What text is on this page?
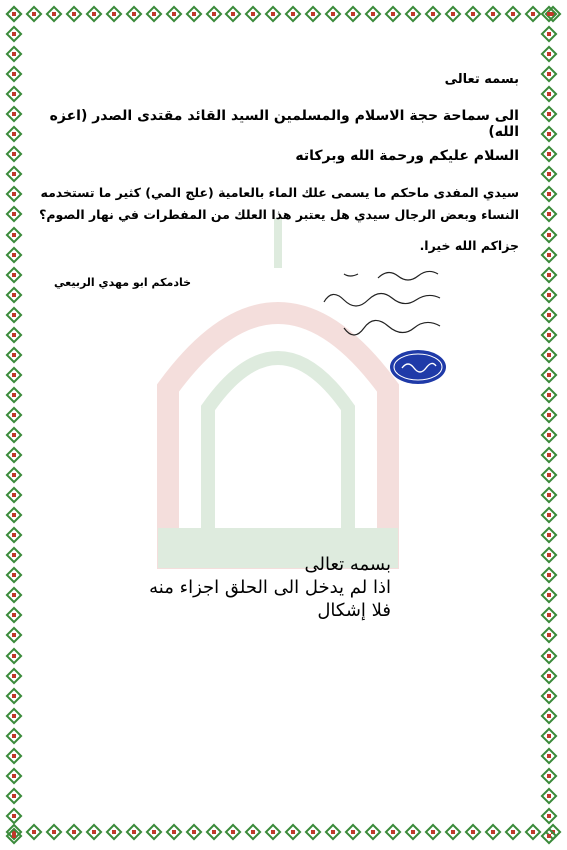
بسمه تعالى
الى سماحة حجة الاسلام والمسلمين السيد القائد مقتدى الصدر (اعزه الله)
السلام عليكم ورحمة الله وبركاته
سيدي المفدى ماحكم ما يسمى علك الماء بالعامية (علج المي) كثير ما تستخدمه
النساء وبعض الرجال سيدي هل يعتبر هذا العلك من المفطرات في نهار الصوم؟
جزاكم الله خيرا.
خادمكم ابو مهدي الربيعي
بسمه تعالى
اذا لم يدخل الى الحلق اجزاء منه
فلا إشكال
